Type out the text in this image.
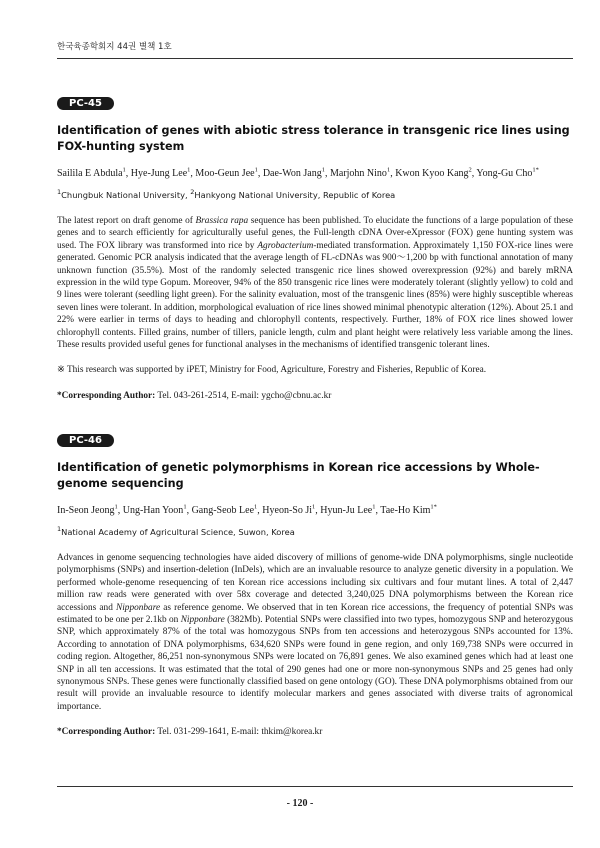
한국육종학회지 44권 별책 1호
PC-45
Identification of genes with abiotic stress tolerance in transgenic rice lines using FOX-hunting system
Sailila E Abdula$^1$, Hye-Jung Lee$^1$, Moo-Geun Jee$^1$, Dae-Won Jang$^1$, Marjohn Nino$^1$, Kwon Kyoo Kang$^2$, Yong-Gu Cho$^{1*}$
$^1$Chungbuk National University, $^2$Hankyong National University, Republic of Korea

The latest report on draft genome of Brassica rapa sequence has been published. To elucidate the functions of a large population of these genes and to search efficiently for agriculturally useful genes, the Full-length cDNA Over-eXpressor (FOX) gene hunting system was used. The FOX library was transformed into rice by Agrobacterium-mediated transformation. Approximately 1,150 FOX-rice lines were generated. Genomic PCR analysis indicated that the average length of FL-cDNAs was 900～1,200 bp with functional annotation of many unknown function (35.5%). Most of the randomly selected transgenic rice lines showed overexpression (92%) and barely mRNA expression in the wild type Gopum. Moreover, 94% of the 850 transgenic rice lines were moderately tolerant (slightly yellow) to cold and 9 lines were tolerant (seedling light green). For the salinity evaluation, most of the transgenic lines (85%) were highly susceptible whereas seven lines were tolerant. In addition, morphological evaluation of rice lines showed minimal phenotypic alteration (12%). About 25.1 and 22% were earlier in terms of days to heading and chlorophyll contents, respectively. Further, 18% of FOX rice lines showed lower chlorophyll contents. Filled grains, number of tillers, panicle length, culm and plant height were relatively less variable among the lines. These results provided useful genes for functional analyses in the mechanisms of identified transgenic tolerant lines.

※ This research was supported by iPET, Ministry for Food, Agriculture, Forestry and Fisheries, Republic of Korea.
*Corresponding Author: Tel. 043-261-2514, E-mail: ygcho@cbnu.ac.kr
PC-46
Identification of genetic polymorphisms in Korean rice accessions by Whole-genome sequencing
In-Seon Jeong$^1$, Ung-Han Yoon$^1$, Gang-Seob Lee$^1$, Hyeon-So Ji$^1$, Hyun-Ju Lee$^1$, Tae-Ho Kim$^{1*}$
$^1$National Academy of Agricultural Science, Suwon, Korea

Advances in genome sequencing technologies have aided discovery of millions of genome-wide DNA polymorphisms, single nucleotide polymorphisms (SNPs) and insertion-deletion (InDels), which are an invaluable resource to analyze genetic diversity in a population. We performed whole-genome resequencing of ten Korean rice accessions including six cultivars and four mutant lines. A total of 2,447 million raw reads were generated with over 58x coverage and detected 3,240,025 DNA polymorphisms between the Korean rice accessions and Nipponbare as reference genome. We observed that in ten Korean rice accessions, the frequency of potential SNPs was estimated to be one per 2.1kb on Nipponbare (382Mb). Potential SNPs were classified into two types, homozygous SNP and heterozygous SNP, which approximately 87% of the total was homozygous SNPs from ten accessions and heterozygous SNPs accounted for 13%. According to annotation of DNA polymorphisms, 634,620 SNPs were found in gene region, and only 169,738 SNPs were occurred in coding region. Altogether, 86,251 non-synonymous SNPs were located on 76,891 genes. We also examined genes which had at least one SNP in all ten accessions. It was estimated that the total of 290 genes had one or more non-synonymous SNPs and 25 genes had only synonymous SNPs. These genes were functionally classified based on gene ontology (GO). These DNA polymorphisms obtained from our result will provide an invaluable resource to identify molecular markers and genes associated with diverse traits of agronomical importance.

*Corresponding Author: Tel. 031-299-1641, E-mail: thkim@korea.kr
- 120 -
